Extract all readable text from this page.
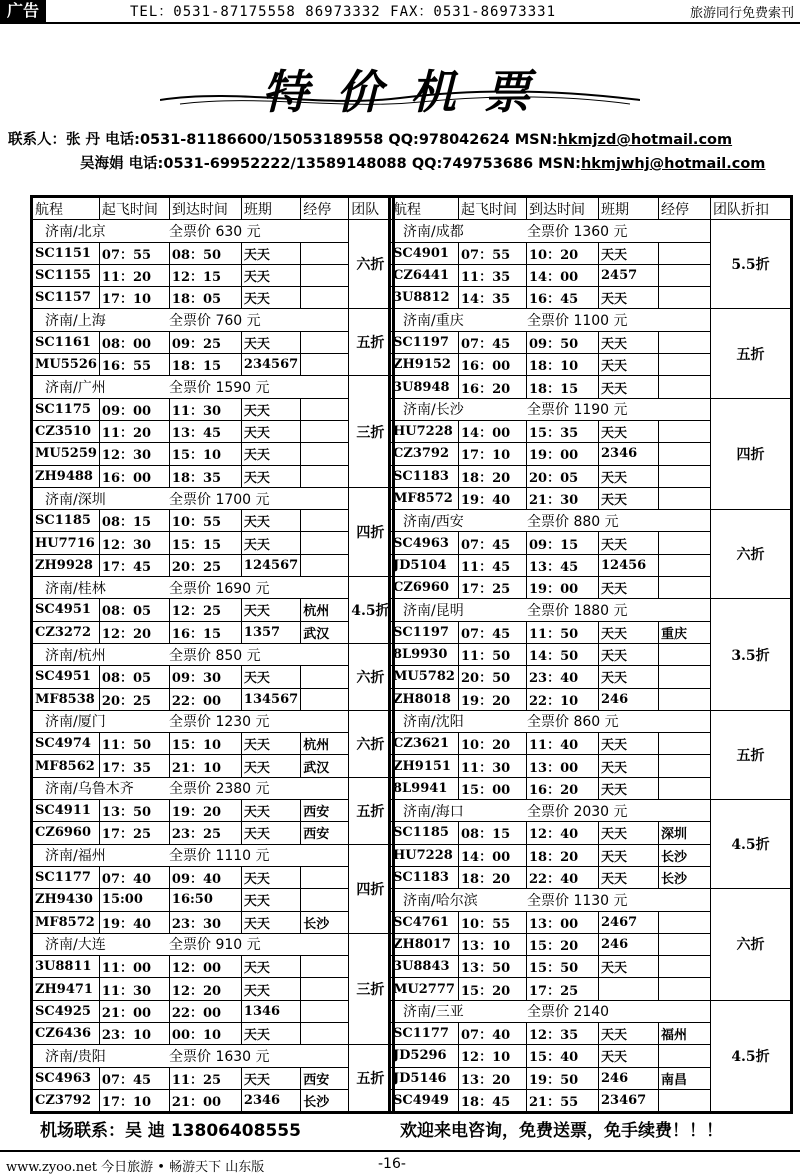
广告	TEL：0531-87175558 86973332 FAX：0531-86973331	旅游同行免费索刊
特价机票
联系人：张 丹 电话:0531-81186600/15053189558 QQ:978042624 MSN:hkmjzd@hotmail.com
吴海娟 电话:0531-69952222/13589148088 QQ:749753686 MSN:hkmjwhj@hotmail.com
航程	起飞时间	到达时间	班期	经停	团队
济南/北京 全票价 630 元					六折
SC1151	07：55	08：50	天天		
SC1155	11：20	12：15	天天		
SC1157	17：10	18：05	天天		
济南/上海 全票价 760 元					五折
SC1161	08：00	09：25	天天		
MU5526	16：55	18：15	234567		
济南/广州 全票价 1590 元					三折
SC1175	09：00	11：30	天天		
CZ3510	11：20	13：45	天天		
MU5259	12：30	15：10	天天		
ZH9488	16：00	18：35	天天		
济南/深圳 全票价 1700 元					四折
SC1185	08：15	10：55	天天		
HU7716	12：30	15：15	天天		
ZH9928	17：45	20：25	124567		
济南/桂林 全票价 1690 元					4.5折
SC4951	08：05	12：25	天天	杭州	
CZ3272	12：20	16：15	1357	武汉	
济南/杭州 全票价 850 元					六折
SC4951	08：05	09：30	天天		
MF8538	20：25	22：00	134567		
济南/厦门 全票价 1230 元					六折
SC4974	11：50	15：10	天天	杭州	
MF8562	17：35	21：10	天天	武汉	
济南/乌鲁木齐 全票价 2380 元					五折
SC4911	13：50	19：20	天天	西安	
CZ6960	17：25	23：25	天天	西安	
济南/福州 全票价 1110 元					四折
SC1177	07：40	09：40	天天		
ZH9430	15:00	16:50	天天		
MF8572	19：40	23：30	天天	长沙	
济南/大连 全票价 910 元					三折
3U8811	11：00	12：00	天天		
ZH9471	11：30	12：20	天天		
SC4925	21：00	22：00	1346		
CZ6436	23：10	00：10	天天		
济南/贵阳 全票价 1630 元					五折
SC4963	07：45	11：25	天天	西安	
CZ3792	17：10	21：00	2346	长沙	
航程	起飞时间	到达时间	班期	经停	团队折扣
济南/成都 全票价 1360 元					5.5折
SC4901	07：55	10：20	天天		
CZ6441	11：35	14：00	2457		
3U8812	14：35	16：45	天天		
济南/重庆 全票价 1100 元					五折
SC1197	07：45	09：50	天天		
ZH9152	16：00	18：10	天天		
3U8948	16：20	18：15	天天		
济南/长沙 全票价 1190 元					四折
HU7228	14：00	15：35	天天		
CZ3792	17：10	19：00	2346		
SC1183	18：20	20：05	天天		
MF8572	19：40	21：30	天天		
济南/西安 全票价 880 元					六折
SC4963	07：45	09：15	天天		
JD5104	11：45	13：45	12456		
CZ6960	17：25	19：00	天天		
济南/昆明 全票价 1880 元					3.5折
SC1197	07：45	11：50	天天	重庆	
8L9930	11：50	14：50	天天		
MU5782	20：50	23：40	天天		
ZH8018	19：20	22：10	246		
济南/沈阳 全票价 860 元					五折
CZ3621	10：20	11：40	天天		
ZH9151	11：30	13：00	天天		
8L9941	15：00	16：20	天天		
济南/海口 全票价 2030 元					4.5折
SC1185	08：15	12：40	天天	深圳	
HU7228	14：00	18：20	天天	长沙	
SC1183	18：20	22：40	天天	长沙	
济南/哈尔滨 全票价 1130 元					六折
SC4761	10：55	13：00	2467		
ZH8017	13：10	15：20	246		
3U8843	13：50	15：50	天天		
MU2777	15：20	17：25			
济南/三亚 全票价 2140					4.5折
SC1177	07：40	12：35	天天	福州	
JD5296	12：10	15：40	天天		
JD5146	13：20	19：50	246	南昌	
SC4949	18：45	21：55	23467		
机场联系：吴 迪 13806408555	欢迎来电咨询，免费送票，免手续费！！！
www.zyoo.net 今日旅游 • 畅游天下 山东版	-16-
